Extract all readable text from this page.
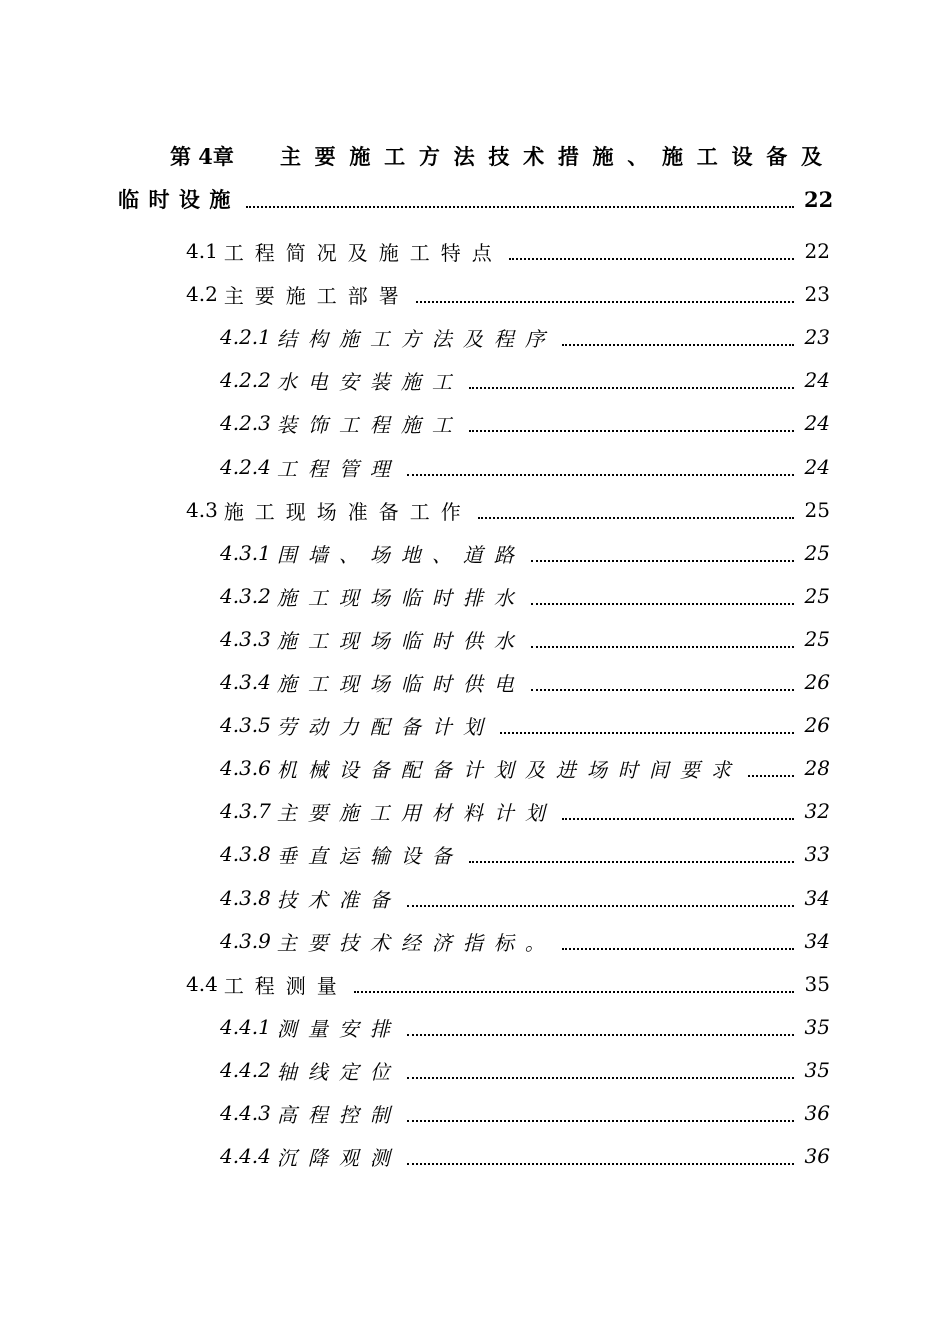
第 4章 主 要 施 工 方 法 技 术 措 施 、 施 工 设 备 及
临时设施	22
4.1 工程简况及施工特点	22
4.2 主要施工部署	23
4.2.1 结构施工方法及程序	23
4.2.2 水电安装施工	24
4.2.3 装饰工程施工	24
4.2.4 工程管理	24
4.3 施工现场准备工作	25
4.3.1 围墙、场地、道路	25
4.3.2 施工现场临时排水	25
4.3.3 施工现场临时供水	25
4.3.4 施工现场临时供电	26
4.3.5 劳动力配备计划	26
4.3.6 机械设备配备计划及进场时间要求	28
4.3.7 主要施工用材料计划	32
4.3.8 垂直运输设备	33
4.3.8 技术准备	34
4.3.9 主要技术经济指标。	34
4.4 工程测量	35
4.4.1 测量安排	35
4.4.2 轴线定位	35
4.4.3 高程控制	36
4.4.4 沉降观测	36
